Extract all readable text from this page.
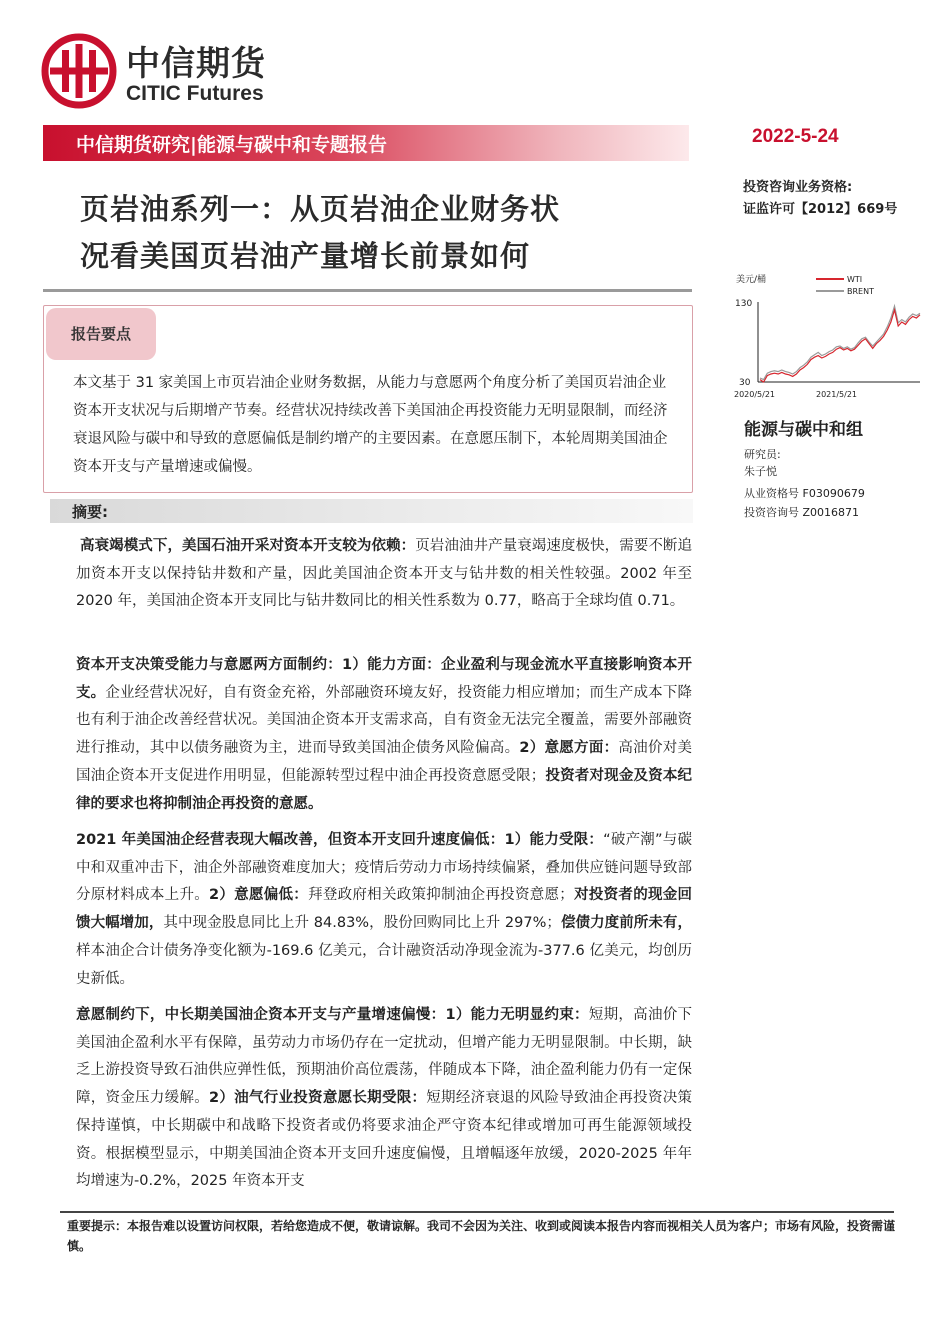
中信期货
CITIC Futures
中信期货研究|能源与碳中和专题报告	2022-5-24
投资咨询业务资格:
证监许可【2012】669号
页岩油系列一：从页岩油企业财务状
况看美国页岩油产量增长前景如何
报告要点
本文基于 31 家美国上市页岩油企业财务数据，从能力与意愿两个角度分析了美国页岩油企业资本开支状况与后期增产节奏。经营状况持续改善下美国油企再投资能力无明显限制，而经济衰退风险与碳中和导致的意愿偏低是制约增产的主要因素。在意愿压制下，本轮周期美国油企资本开支与产量增速或偏慢。
摘要:
高衰竭模式下，美国石油开采对资本开支较为依赖：页岩油油井产量衰竭速度极快，需要不断追加资本开支以保持钻井数和产量，因此美国油企资本开支与钻井数的相关性较强。2002 年至 2020 年，美国油企资本开支同比与钻井数同比的相关性系数为 0.77，略高于全球均值 0.71。
资本开支决策受能力与意愿两方面制约：1）能力方面：企业盈利与现金流水平直接影响资本开支。企业经营状况好，自有资金充裕，外部融资环境友好，投资能力相应增加；而生产成本下降也有利于油企改善经营状况。美国油企资本开支需求高，自有资金无法完全覆盖，需要外部融资进行推动，其中以债务融资为主，进而导致美国油企债务风险偏高。2）意愿方面：高油价对美国油企资本开支促进作用明显，但能源转型过程中油企再投资意愿受限；投资者对现金及资本纪律的要求也将抑制油企再投资的意愿。
2021 年美国油企经营表现大幅改善，但资本开支回升速度偏低：1）能力受限：“破产潮”与碳中和双重冲击下，油企外部融资难度加大；疫情后劳动力市场持续偏紧，叠加供应链问题导致部分原材料成本上升。2）意愿偏低：拜登政府相关政策抑制油企再投资意愿；对投资者的现金回馈大幅增加，其中现金股息同比上升 84.83%，股份回购同比上升 297%；偿债力度前所未有，样本油企合计债务净变化额为-169.6 亿美元，合计融资活动净现金流为-377.6 亿美元，均创历史新低。
意愿制约下，中长期美国油企资本开支与产量增速偏慢：1）能力无明显约束：短期，高油价下美国油企盈利水平有保障，虽劳动力市场仍存在一定扰动，但增产能力无明显限制。中长期，缺乏上游投资导致石油供应弹性低，预期油价高位震荡，伴随成本下降，油企盈利能力仍有一定保障，资金压力缓解。2）油气行业投资意愿长期受限：短期经济衰退的风险导致油企再投资决策保持谨慎，中长期碳中和战略下投资者或仍将要求油企严守资本纪律或增加可再生能源领域投资。根据模型显示，中期美国油企资本开支回升速度偏慢，且增幅逐年放缓，2020-2025 年年均增速为-0.2%，2025 年资本开支
美元/桶	WTI
BRENT
130
30
2020/5/21	2021/5/21
能源与碳中和组
研究员:
朱子悦
从业资格号 F03090679
投资咨询号 Z0016871
重要提示：本报告难以设置访问权限，若给您造成不便，敬请谅解。我司不会因为关注、收到或阅读本报告内容而视相关人员为客户；市场有风险，投资需谨慎。
